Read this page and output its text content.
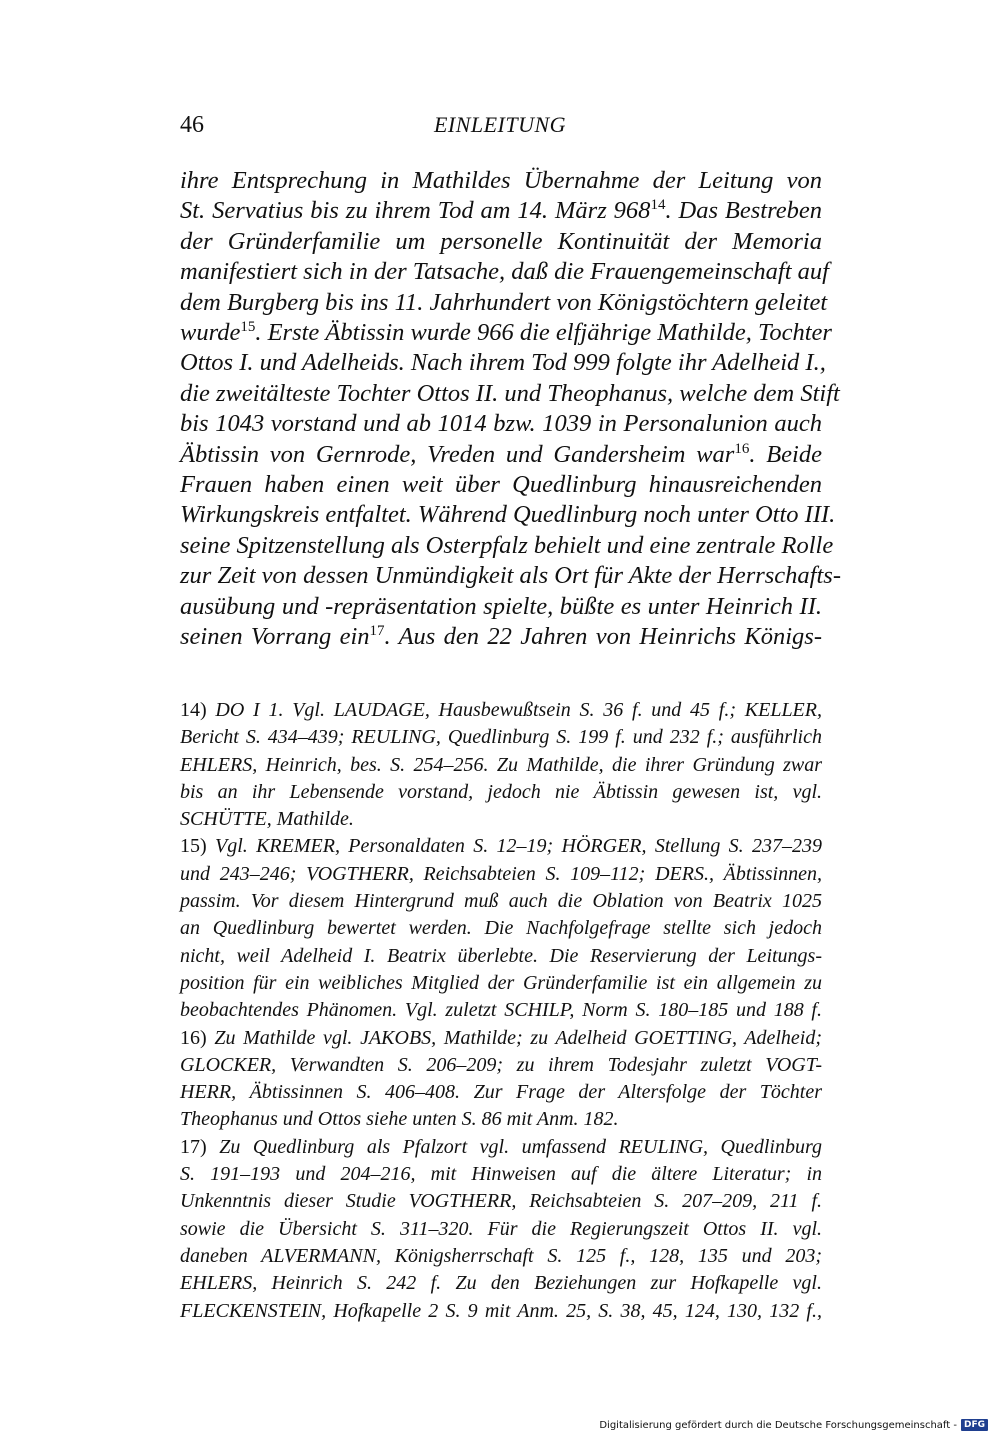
46	EINLEITUNG
ihre Entsprechung in Mathildes Übernahme der Leitung von
St. Servatius bis zu ihrem Tod am 14. März $968^{14}$. Das Bestreben
der Gründerfamilie um personelle Kontinuität der Memoria
manifestiert sich in der Tatsache, daß die Frauengemeinschaft auf
dem Burgberg bis ins 11. Jahrhundert von Königstöchtern geleitet
wurde$^{15}$. Erste Äbtissin wurde 966 die elfjährige Mathilde, Tochter
Ottos I. und Adelheids. Nach ihrem Tod 999 folgte ihr Adelheid I.,
die zweitälteste Tochter Ottos II. und Theophanus, welche dem Stift
bis 1043 vorstand und ab 1014 bzw. 1039 in Personalunion auch
Äbtissin von Gernrode, Vreden und Gandersheim war$^{16}$. Beide
Frauen haben einen weit über Quedlinburg hinausreichenden
Wirkungskreis entfaltet. Während Quedlinburg noch unter Otto III.
seine Spitzenstellung als Osterpfalz behielt und eine zentrale Rolle
zur Zeit von dessen Unmündigkeit als Ort für Akte der Herrschafts-
ausübung und -repräsentation spielte, büßte es unter Heinrich II.
seinen Vorrang ein$^{17}$. Aus den 22 Jahren von Heinrichs Königs-
14) DO I 1. Vgl. LAUDAGE, Hausbewußtsein S. 36 f. und 45 f.; KELLER,
Bericht S. 434–439; REULING, Quedlinburg S. 199 f. und 232 f.; ausführlich
EHLERS, Heinrich, bes. S. 254–256. Zu Mathilde, die ihrer Gründung zwar
bis an ihr Lebensende vorstand, jedoch nie Äbtissin gewesen ist, vgl.
SCHÜTTE, Mathilde.
15) Vgl. KREMER, Personaldaten S. 12–19; HÖRGER, Stellung S. 237–239
und 243–246; VOGTHERR, Reichsabteien S. 109–112; DERS., Äbtissinnen,
passim. Vor diesem Hintergrund muß auch die Oblation von Beatrix 1025
an Quedlinburg bewertet werden. Die Nachfolgefrage stellte sich jedoch
nicht, weil Adelheid I. Beatrix überlebte. Die Reservierung der Leitungs-
position für ein weibliches Mitglied der Gründerfamilie ist ein allgemein zu
beobachtendes Phänomen. Vgl. zuletzt SCHILP, Norm S. 180–185 und 188 f.
16) Zu Mathilde vgl. JAKOBS, Mathilde; zu Adelheid GOETTING, Adelheid;
GLOCKER, Verwandten S. 206–209; zu ihrem Todesjahr zuletzt VOGT-
HERR, Äbtissinnen S. 406–408. Zur Frage der Altersfolge der Töchter
Theophanus und Ottos siehe unten S. 86 mit Anm. 182.
17) Zu Quedlinburg als Pfalzort vgl. umfassend REULING, Quedlinburg
S. 191–193 und 204–216, mit Hinweisen auf die ältere Literatur; in
Unkenntnis dieser Studie VOGTHERR, Reichsabteien S. 207–209, 211 f.
sowie die Übersicht S. 311–320. Für die Regierungszeit Ottos II. vgl.
daneben ALVERMANN, Königsherrschaft S. 125 f., 128, 135 und 203;
EHLERS, Heinrich S. 242 f. Zu den Beziehungen zur Hofkapelle vgl.
FLECKENSTEIN, Hofkapelle 2 S. 9 mit Anm. 25, S. 38, 45, 124, 130, 132 f.,
Digitalisierung gefördert durch die Deutsche Forschungsgemeinschaft - DFG
